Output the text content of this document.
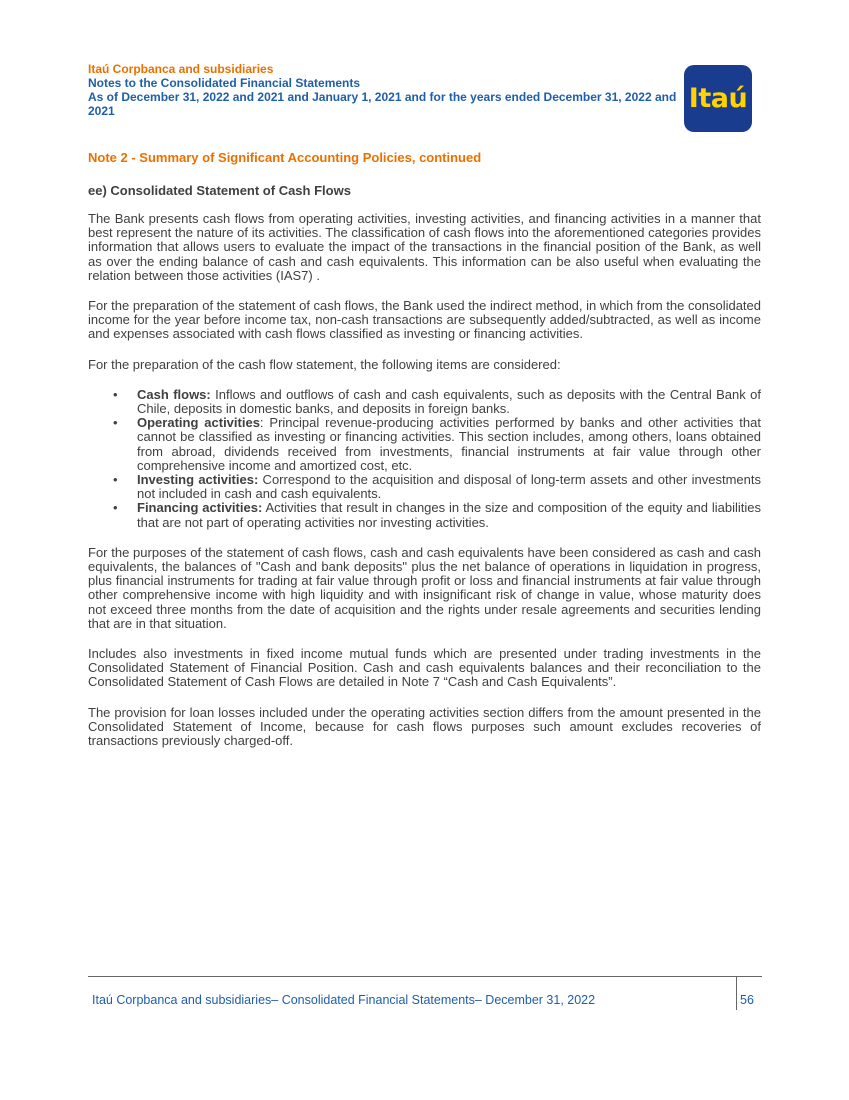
Itaú Corpbanca and subsidiaries
Notes to the Consolidated Financial Statements
As of December 31, 2022 and 2021 and January 1, 2021 and for the years ended December 31, 2022 and 2021	Itaú
Note 2 - Summary of Significant Accounting Policies, continued
ee) Consolidated Statement of Cash Flows

The Bank presents cash flows from operating activities, investing activities, and financing activities in a manner that best represent the nature of its activities. The classification of cash flows into the aforementioned categories provides information that allows users to evaluate the impact of the transactions in the financial position of the Bank, as well as over the ending balance of cash and cash equivalents. This information can be also useful when evaluating the relation between those activities (IAS7) .

For the preparation of the statement of cash flows, the Bank used the indirect method, in which from the consolidated income for the year before income tax, non-cash transactions are subsequently added/subtracted, as well as income and expenses associated with cash flows classified as investing or financing activities.

For the preparation of the cash flow statement, the following items are considered:

• Cash flows: Inflows and outflows of cash and cash equivalents, such as deposits with the Central Bank of Chile, deposits in domestic banks, and deposits in foreign banks.
• Operating activities: Principal revenue-producing activities performed by banks and other activities that cannot be classified as investing or financing activities. This section includes, among others, loans obtained from abroad, dividends received from investments, financial instruments at fair value through other comprehensive income and amortized cost, etc.
• Investing activities: Correspond to the acquisition and disposal of long-term assets and other investments not included in cash and cash equivalents.
• Financing activities: Activities that result in changes in the size and composition of the equity and liabilities that are not part of operating activities nor investing activities.

For the purposes of the statement of cash flows, cash and cash equivalents have been considered as cash and cash equivalents, the balances of "Cash and bank deposits" plus the net balance of operations in liquidation in progress, plus financial instruments for trading at fair value through profit or loss and financial instruments at fair value through other comprehensive income with high liquidity and with insignificant risk of change in value, whose maturity does not exceed three months from the date of acquisition and the rights under resale agreements and securities lending that are in that situation.

Includes also investments in fixed income mutual funds which are presented under trading investments in the Consolidated Statement of Financial Position. Cash and cash equivalents balances and their reconciliation to the Consolidated Statement of Cash Flows are detailed in Note 7 “Cash and Cash Equivalents”.

The provision for loan losses included under the operating activities section differs from the amount presented in the Consolidated Statement of Income, because for cash flows purposes such amount excludes recoveries of transactions previously charged-off.

Itaú Corpbanca and subsidiaries– Consolidated Financial Statements– December 31, 2022	56
